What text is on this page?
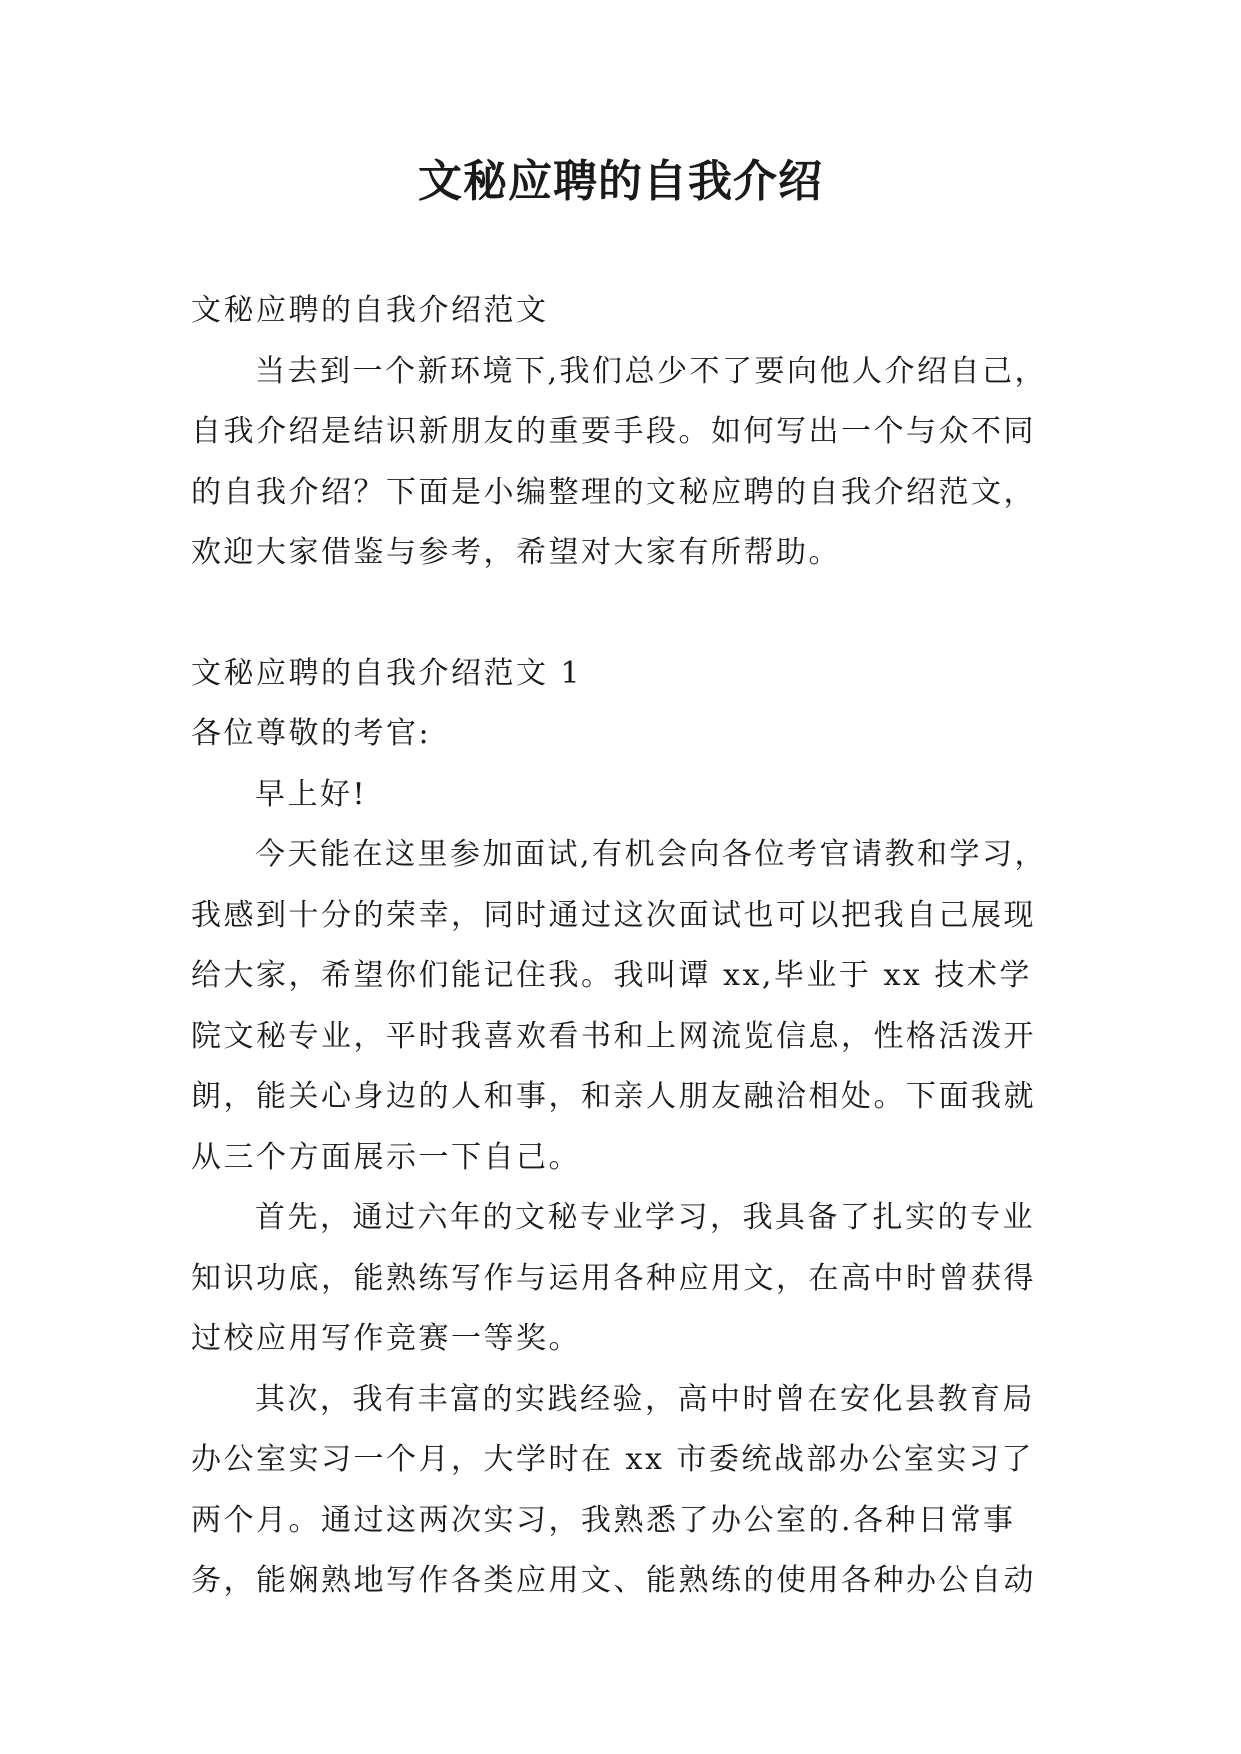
文秘应聘的自我介绍

文秘应聘的自我介绍范文

当去到一个新环境下,我们总少不了要向他人介绍自己，自我介绍是结识新朋友的重要手段。如何写出一个与众不同的自我介绍？下面是小编整理的文秘应聘的自我介绍范文，欢迎大家借鉴与参考，希望对大家有所帮助。

文秘应聘的自我介绍范文 1

各位尊敬的考官:

早上好!

今天能在这里参加面试,有机会向各位考官请教和学习，我感到十分的荣幸，同时通过这次面试也可以把我自己展现给大家，希望你们能记住我。我叫谭 xx,毕业于 xx 技术学院文秘专业，平时我喜欢看书和上网流览信息，性格活泼开朗，能关心身边的人和事，和亲人朋友融洽相处。下面我就从三个方面展示一下自己。

首先，通过六年的文秘专业学习，我具备了扎实的专业知识功底，能熟练写作与运用各种应用文，在高中时曾获得过校应用写作竞赛一等奖。

其次，我有丰富的实践经验，高中时曾在安化县教育局办公室实习一个月，大学时在 xx 市委统战部办公室实习了两个月。通过这两次实习，我熟悉了办公室的.各种日常事务，能娴熟地写作各类应用文、能熟练的使用各种办公自动
